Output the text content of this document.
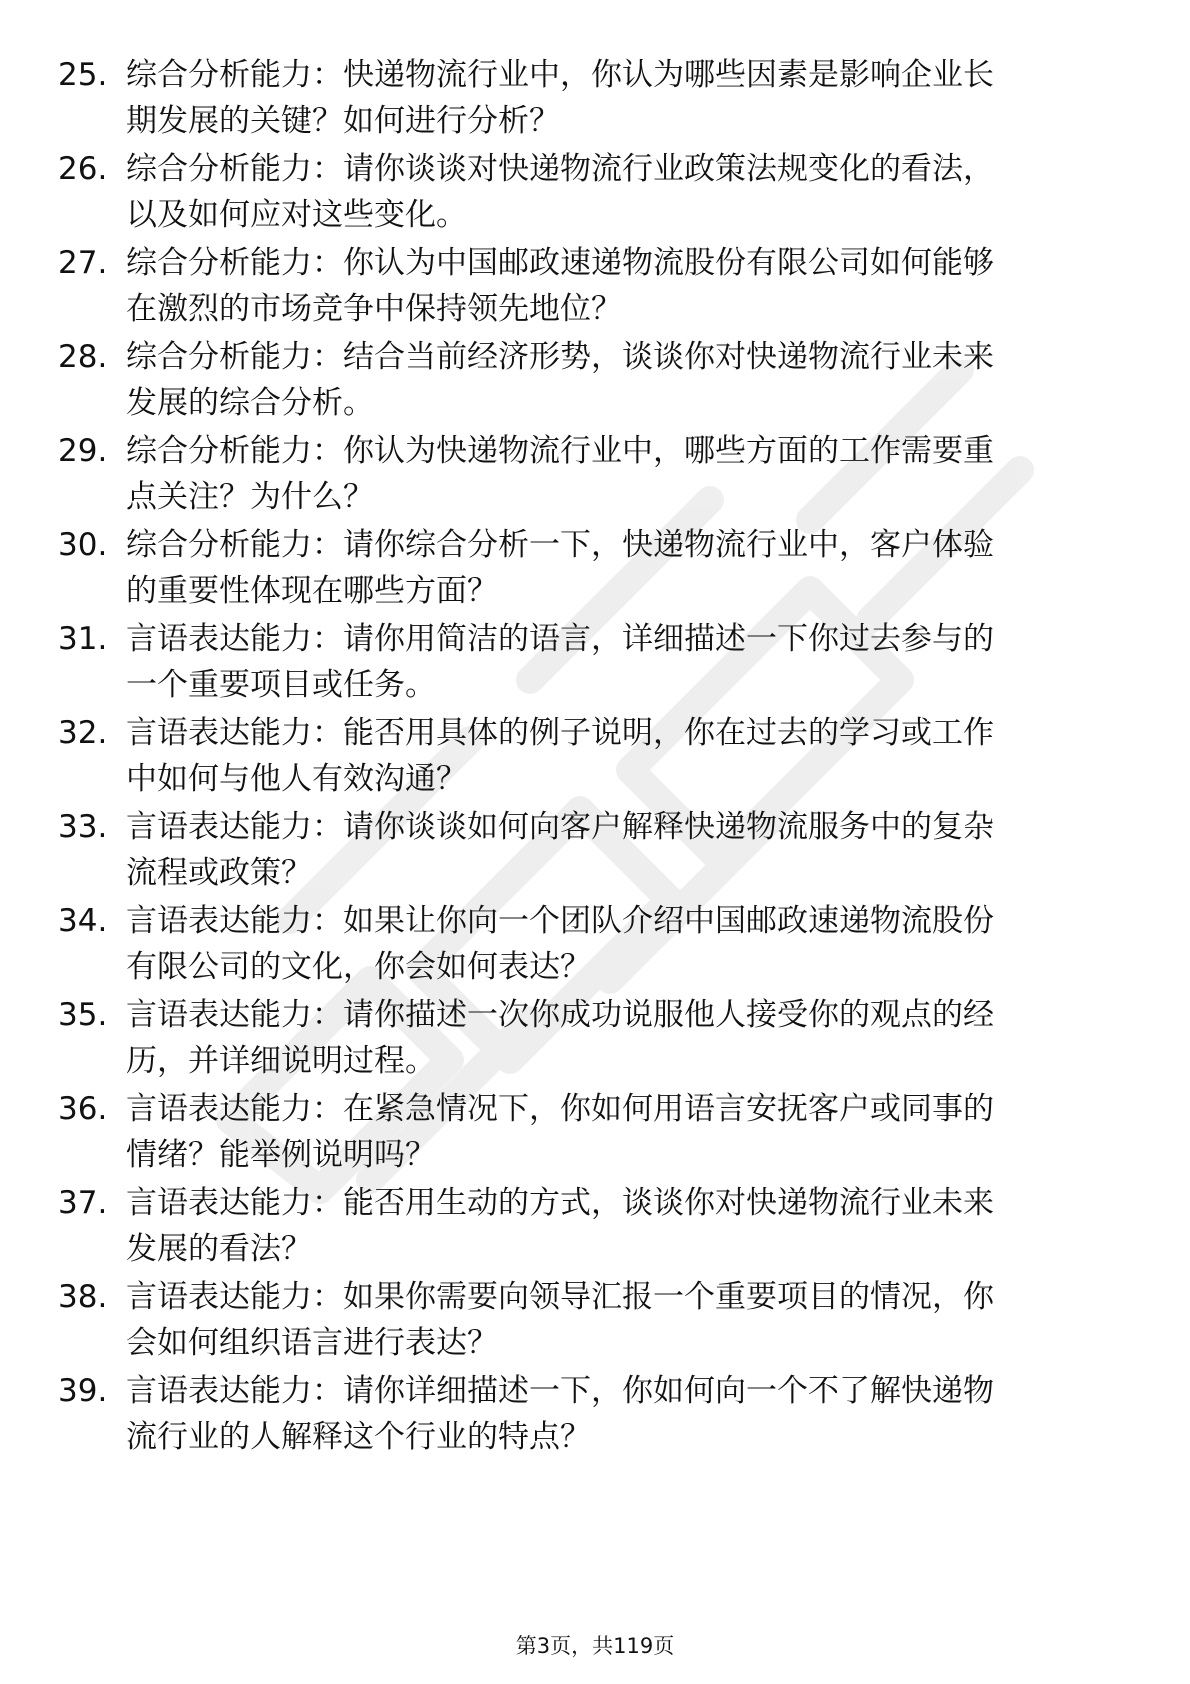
25. 综合分析能力：快递物流行业中，你认为哪些因素是影响企业长
期发展的关键？如何进行分析？
26. 综合分析能力：请你谈谈对快递物流行业政策法规变化的看法，
以及如何应对这些变化。
27. 综合分析能力：你认为中国邮政速递物流股份有限公司如何能够
在激烈的市场竞争中保持领先地位？
28. 综合分析能力：结合当前经济形势，谈谈你对快递物流行业未来
发展的综合分析。
29. 综合分析能力：你认为快递物流行业中，哪些方面的工作需要重
点关注？为什么？
30. 综合分析能力：请你综合分析一下，快递物流行业中，客户体验
的重要性体现在哪些方面？
31. 言语表达能力：请你用简洁的语言，详细描述一下你过去参与的
一个重要项目或任务。
32. 言语表达能力：能否用具体的例子说明，你在过去的学习或工作
中如何与他人有效沟通？
33. 言语表达能力：请你谈谈如何向客户解释快递物流服务中的复杂
流程或政策？
34. 言语表达能力：如果让你向一个团队介绍中国邮政速递物流股份
有限公司的文化，你会如何表达？
35. 言语表达能力：请你描述一次你成功说服他人接受你的观点的经
历，并详细说明过程。
36. 言语表达能力：在紧急情况下，你如何用语言安抚客户或同事的
情绪？能举例说明吗？
37. 言语表达能力：能否用生动的方式，谈谈你对快递物流行业未来
发展的看法？
38. 言语表达能力：如果你需要向领导汇报一个重要项目的情况，你
会如何组织语言进行表达？
39. 言语表达能力：请你详细描述一下，你如何向一个不了解快递物
流行业的人解释这个行业的特点？
第3页，共119页
